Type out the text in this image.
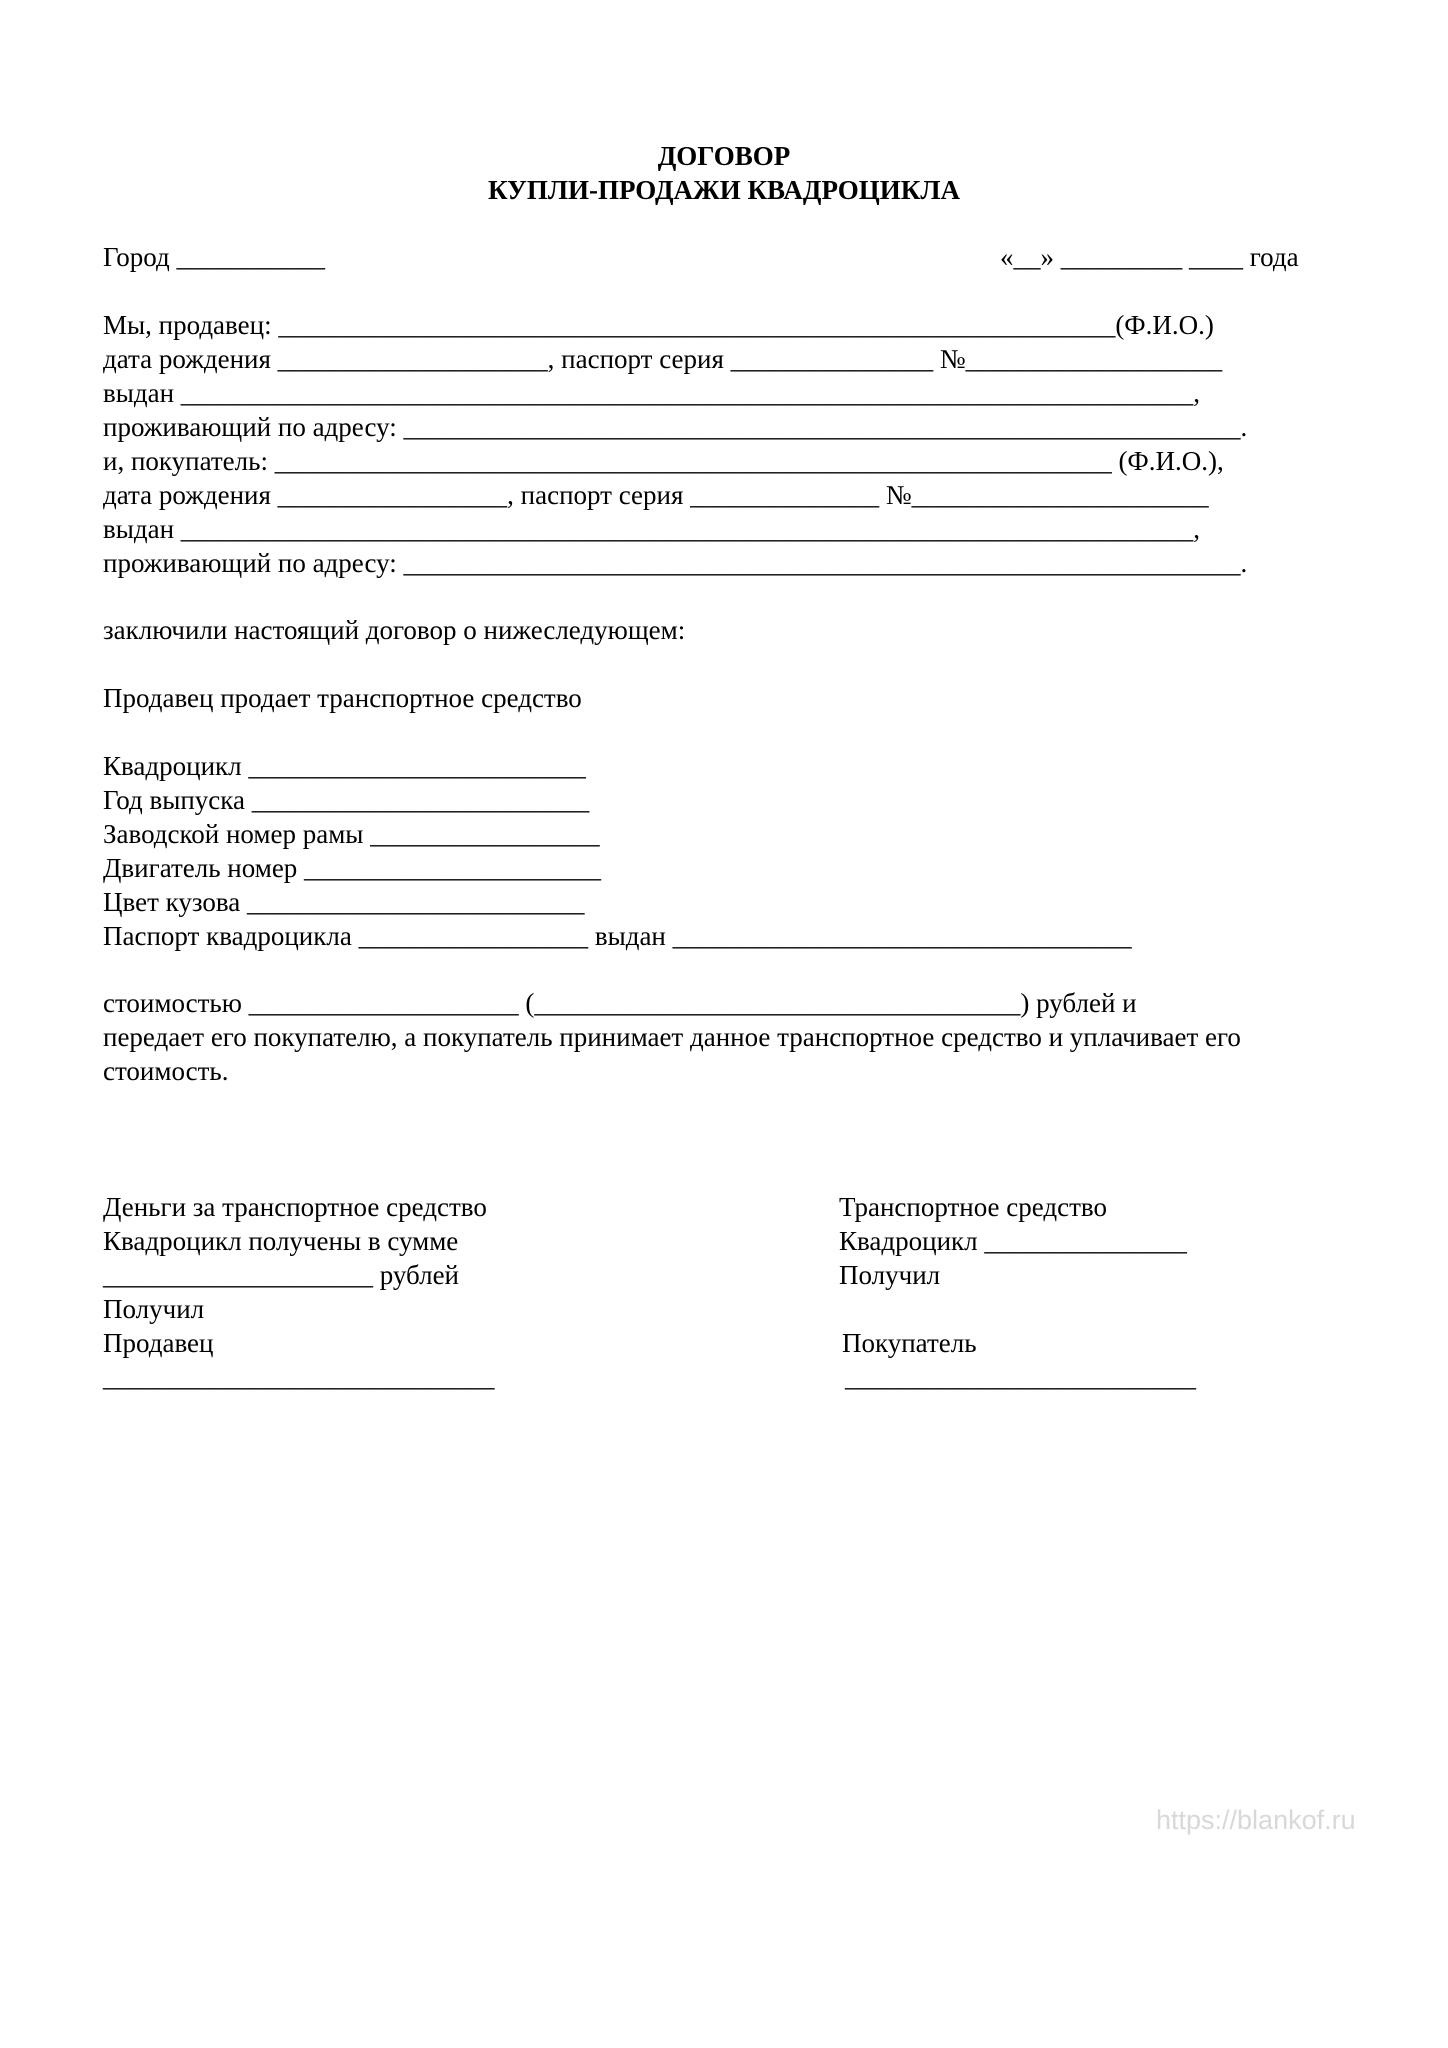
ДОГОВОР
КУПЛИ-ПРОДАЖИ КВАДРОЦИКЛА
Город ___________	«__» _________ ____ года
Мы, продавец: ______________________________________________________________(Ф.И.О.)
дата рождения ____________________, паспорт серия _______________ №___________________
выдан ___________________________________________________________________________,
проживающий по адресу: ______________________________________________________________.
и, покупатель: ______________________________________________________________ (Ф.И.О.),
дата рождения _________________, паспорт серия ______________ №______________________
выдан ___________________________________________________________________________,
проживающий по адресу: ______________________________________________________________.
заключили настоящий договор о нижеследующем:
Продавец продает транспортное средство
Квадроцикл _________________________
Год выпуска _________________________
Заводской номер рамы _________________
Двигатель номер ______________________
Цвет кузова _________________________
Паспорт квадроцикла _________________ выдан __________________________________
стоимостью ____________________ (____________________________________) рублей и
передает его покупателю, а покупатель принимает данное транспортное средство и уплачивает его стоимость.
Деньги за транспортное средство
Квадроцикл получены в сумме
____________________ рублей
Получил
Продавец
_____________________________
Транспортное средство
Квадроцикл _______________
Получил
Покупатель
__________________________
https://blankof.ru
